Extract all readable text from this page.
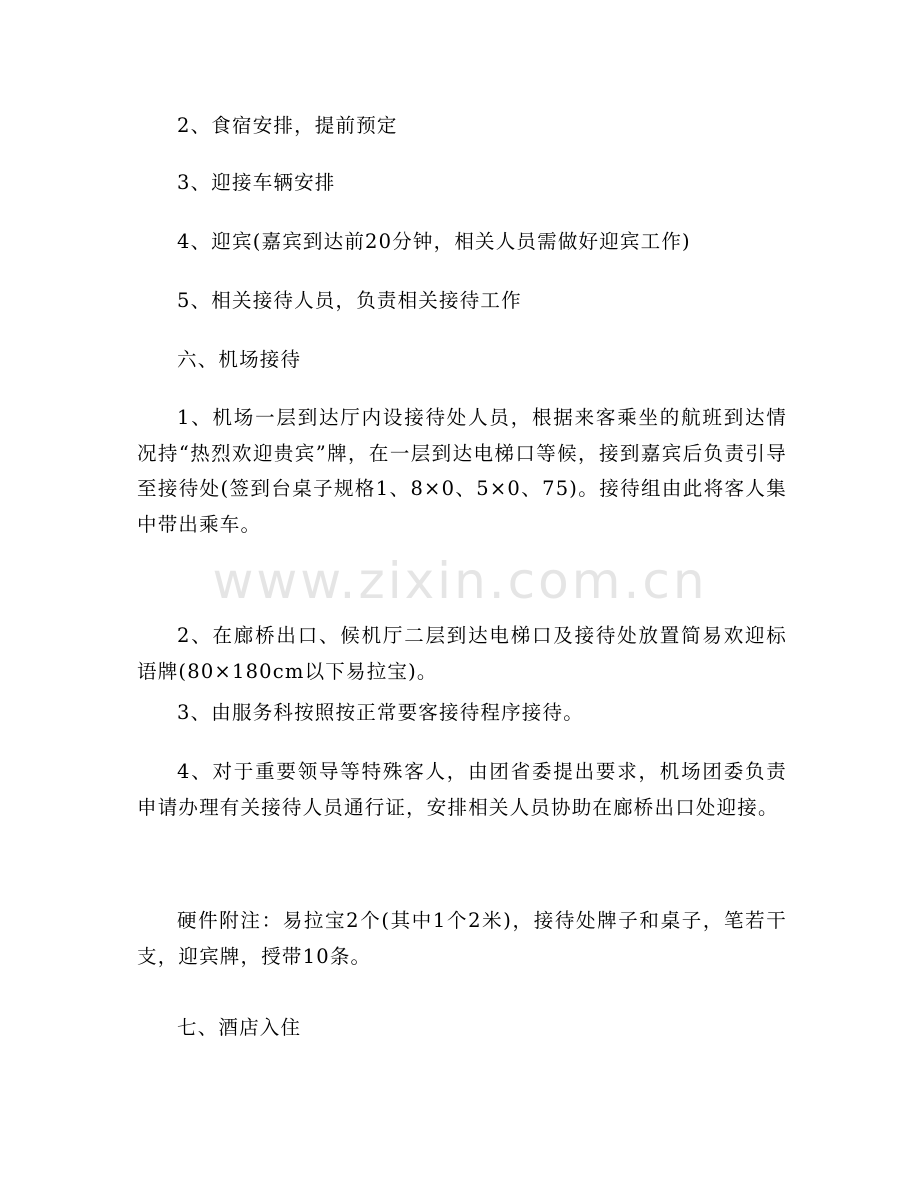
2、食宿安排，提前预定

3、迎接车辆安排

4、迎宾(嘉宾到达前20分钟，相关人员需做好迎宾工作)

5、相关接待人员，负责相关接待工作

六、机场接待

1、机场一层到达厅内设接待处人员，根据来客乘坐的航班到达情况持“热烈欢迎贵宾”牌，在一层到达电梯口等候，接到嘉宾后负责引导至接待处(签到台桌子规格1、8×0、5×0、75)。接待组由此将客人集中带出乘车。

2、在廊桥出口、候机厅二层到达电梯口及接待处放置简易欢迎标语牌(80×180cm以下易拉宝)。

3、由服务科按照按正常要客接待程序接待。

4、对于重要领导等特殊客人，由团省委提出要求，机场团委负责申请办理有关接待人员通行证，安排相关人员协助在廊桥出口处迎接。

硬件附注：易拉宝2个(其中1个2米)，接待处牌子和桌子，笔若干支，迎宾牌，授带10条。

七、酒店入住

www.zixin.com.cn
